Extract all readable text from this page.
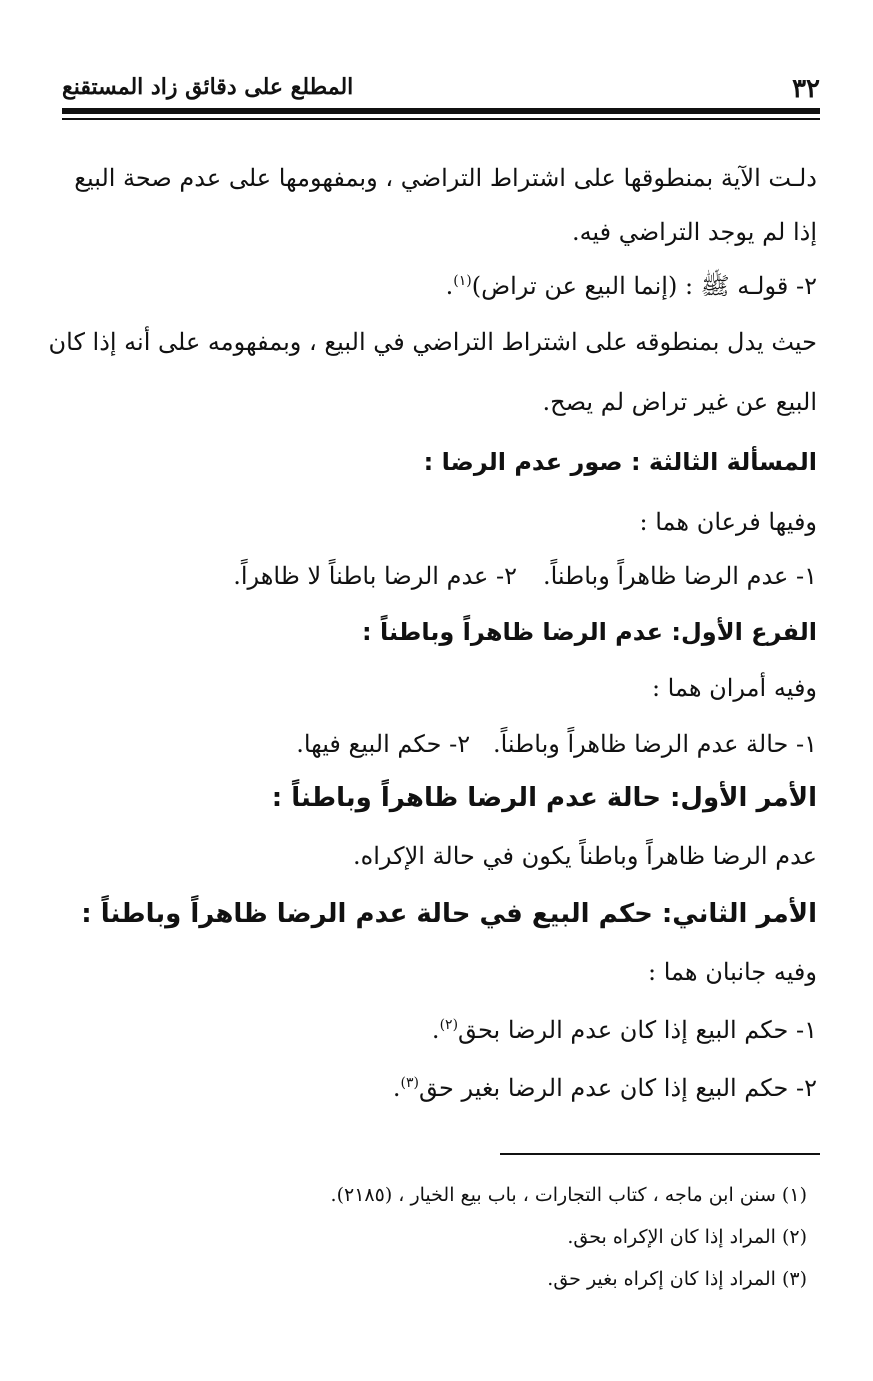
٣٢
المطلع على دقائق زاد المستقنع
دلـت الآية بمنطوقها على اشتراط التراضي ، وبمفهومها على عدم صحة البيع
إذا لم يوجد التراضي فيه.
٢- قولـه ﷺ : (إنما البيع عن تراض)$^{(١)}$.
حيث يدل بمنطوقه على اشتراط التراضي في البيع ، وبمفهومه على أنه إذا كان
البيع عن غير تراض لم يصح.
المسألة الثالثة : صور عدم الرضا :
وفيها فرعان هما :
١- عدم الرضا ظاهراً وباطناً.
٢- عدم الرضا باطناً لا ظاهراً.
الفرع الأول: عدم الرضا ظاهراً وباطناً :
وفيه أمران هما :
١- حالة عدم الرضا ظاهراً وباطناً.   ٢- حكم البيع فيها.
الأمر الأول: حالة عدم الرضا ظاهراً وباطناً :
عدم الرضا ظاهراً وباطناً يكون في حالة الإكراه.
الأمر الثاني: حكم البيع في حالة عدم الرضا ظاهراً وباطناً :
وفيه جانبان هما :
١- حكم البيع إذا كان عدم الرضا بحق$^{(٢)}$.
٢- حكم البيع إذا كان عدم الرضا بغير حق$^{(٣)}$.
(١) سنن ابن ماجه ، كتاب التجارات ، باب بيع الخيار ، (٢١٨٥).
(٢) المراد إذا كان الإكراه بحق.
(٣) المراد إذا كان إكراه بغير حق.
